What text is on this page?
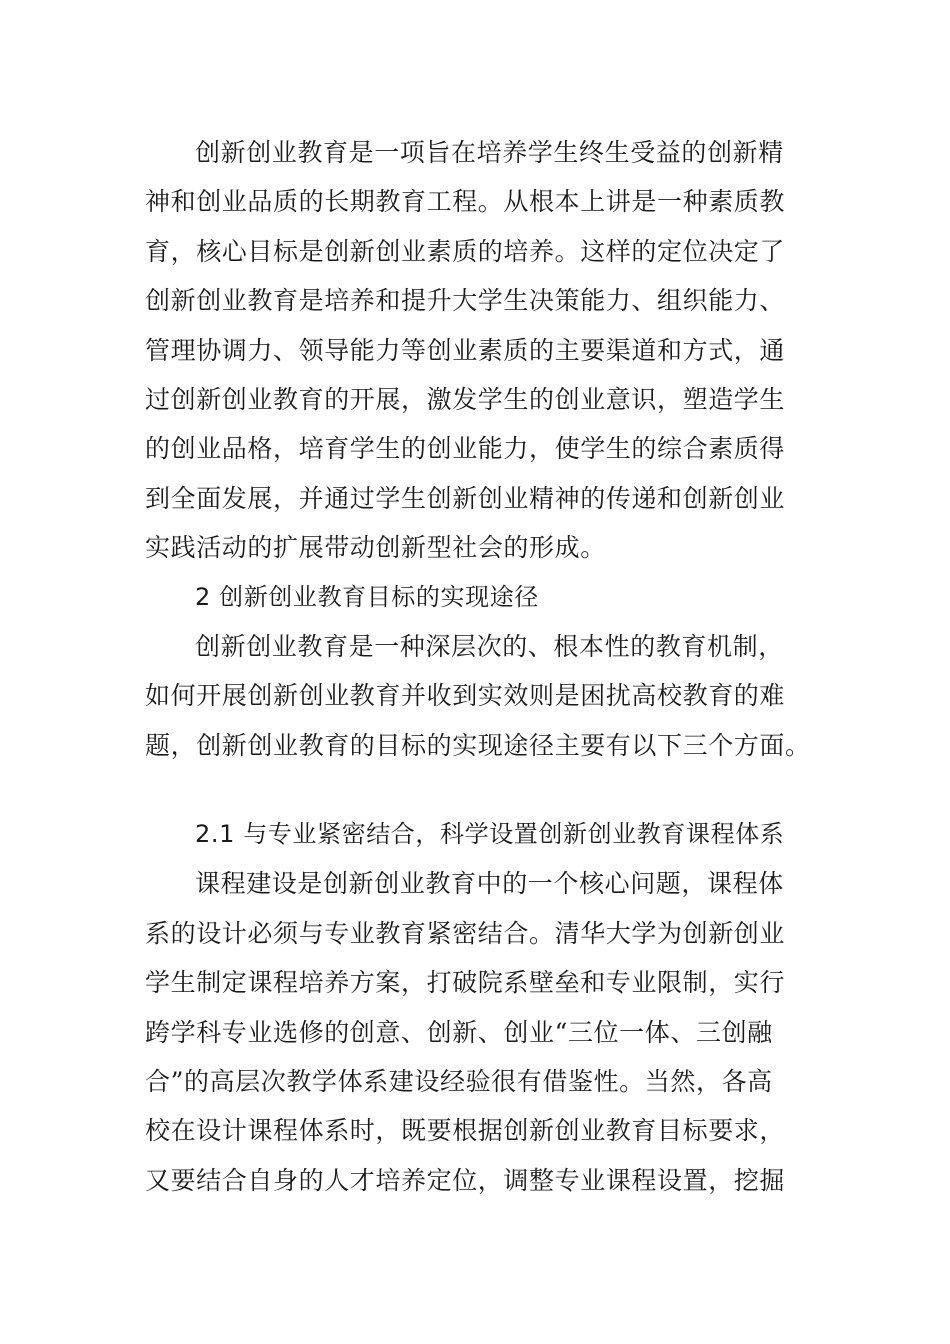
创新创业教育是一项旨在培养学生终生受益的创新精
神和创业品质的长期教育工程。从根本上讲是一种素质教
育，核心目标是创新创业素质的培养。这样的定位决定了
创新创业教育是培养和提升大学生决策能力、组织能力、
管理协调力、领导能力等创业素质的主要渠道和方式，通
过创新创业教育的开展，激发学生的创业意识，塑造学生
的创业品格，培育学生的创业能力，使学生的综合素质得
到全面发展，并通过学生创新创业精神的传递和创新创业
实践活动的扩展带动创新型社会的形成。
2 创新创业教育目标的实现途径
创新创业教育是一种深层次的、根本性的教育机制，
如何开展创新创业教育并收到实效则是困扰高校教育的难
题，创新创业教育的目标的实现途径主要有以下三个方面。
2.1 与专业紧密结合，科学设置创新创业教育课程体系
课程建设是创新创业教育中的一个核心问题，课程体
系的设计必须与专业教育紧密结合。清华大学为创新创业
学生制定课程培养方案，打破院系壁垒和专业限制，实行
跨学科专业选修的创意、创新、创业“三位一体、三创融
合”的高层次教学体系建设经验很有借鉴性。当然，各高
校在设计课程体系时，既要根据创新创业教育目标要求，
又要结合自身的人才培养定位，调整专业课程设置，挖掘
